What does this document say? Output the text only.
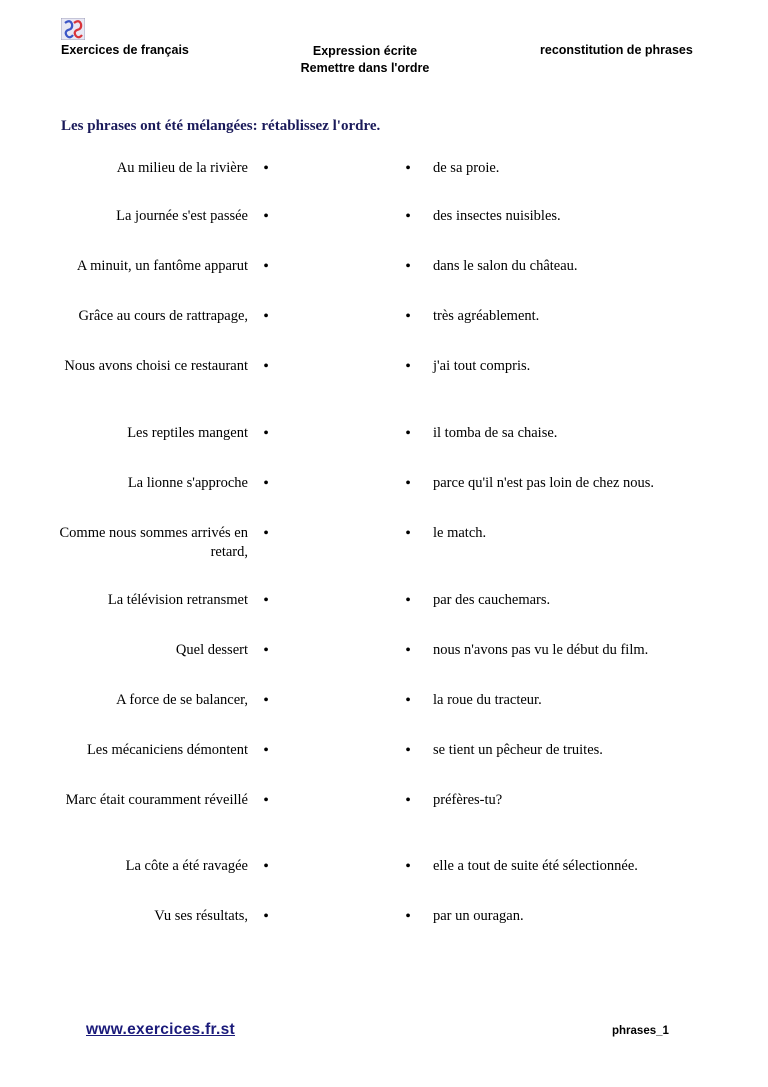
Exercices de français	Expression écrite
Remettre dans l'ordre
reconstitution de phrases
Les phrases ont été mélangées: rétablissez l'ordre.
Au milieu de la rivière •	• de sa proie.
La journée s'est passée •	• des insectes nuisibles.
A minuit, un fantôme apparut •	• dans le salon du château.
Grâce au cours de rattrapage, •	• très agréablement.
Nous avons choisi ce restaurant •	• j'ai tout compris.
Les reptiles mangent •	• il tomba de sa chaise.
La lionne s'approche •	• parce qu'il n'est pas loin de chez nous.
Comme nous sommes arrivés en retard,
•	• le match.
La télévision retransmet •	• par des cauchemars.
Quel dessert •	• nous n'avons pas vu le début du film.
A force de se balancer, •	• la roue du tracteur.
Les mécaniciens démontent •	• se tient un pêcheur de truites.
Marc était couramment réveillé •	• préfères-tu?
La côte a été ravagée •	• elle a tout de suite été sélectionnée.
Vu ses résultats, •	• par un ouragan.
www.exercices.fr.st	phrases_1
